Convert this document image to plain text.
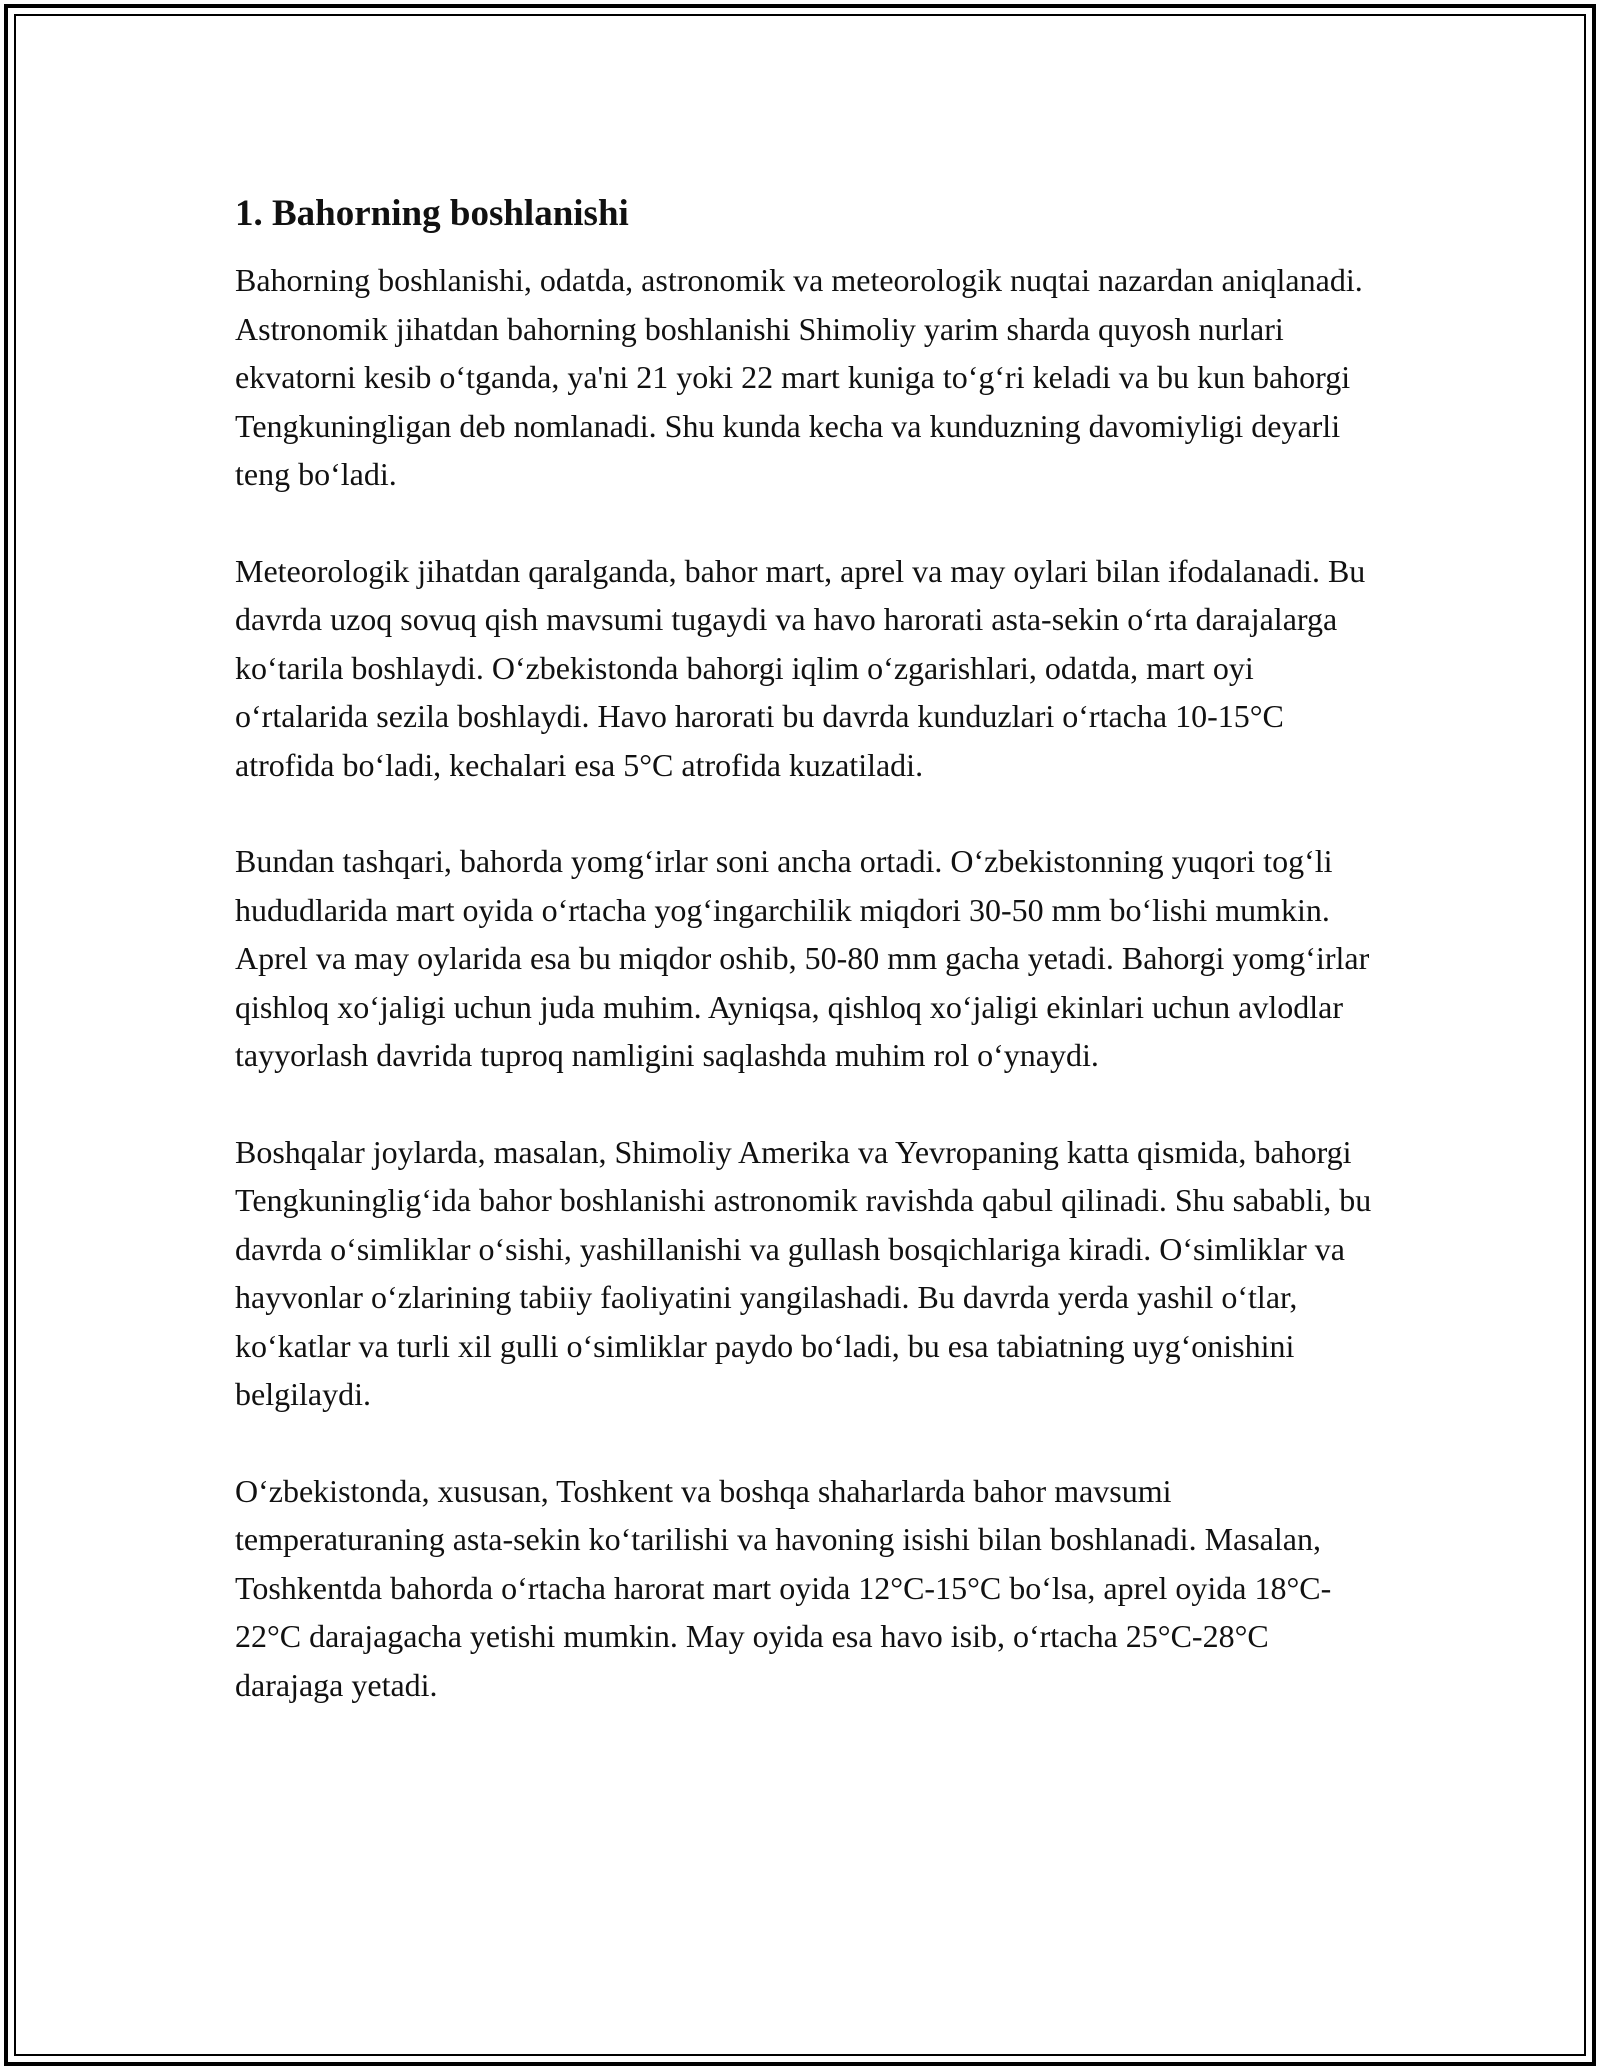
1. Bahorning boshlanishi

Bahorning boshlanishi, odatda, astronomik va meteorologik nuqtai nazardan aniqlanadi. Astronomik jihatdan bahorning boshlanishi Shimoliy yarim sharda quyosh nurlari ekvatorni kesib o‘tganda, ya'ni 21 yoki 22 mart kuniga to‘g‘ri keladi va bu kun bahorgi Tengkuningligan deb nomlanadi. Shu kunda kecha va kunduzning davomiyligi deyarli teng bo‘ladi.

Meteorologik jihatdan qaralganda, bahor mart, aprel va may oylari bilan ifodalanadi. Bu davrda uzoq sovuq qish mavsumi tugaydi va havo harorati asta-sekin o‘rta darajalarga ko‘tarila boshlaydi. O‘zbekistonda bahorgi iqlim o‘zgarishlari, odatda, mart oyi o‘rtalarida sezila boshlaydi. Havo harorati bu davrda kunduzlari o‘rtacha 10-15°C atrofida bo‘ladi, kechalari esa 5°C atrofida kuzatiladi.

Bundan tashqari, bahorda yomg‘irlar soni ancha ortadi. O‘zbekistonning yuqori tog‘li hududlarida mart oyida o‘rtacha yog‘ingarchilik miqdori 30-50 mm bo‘lishi mumkin. Aprel va may oylarida esa bu miqdor oshib, 50-80 mm gacha yetadi. Bahorgi yomg‘irlar qishloq xo‘jaligi uchun juda muhim. Ayniqsa, qishloq xo‘jaligi ekinlari uchun avlodlar tayyorlash davrida tuproq namligini saqlashda muhim rol o‘ynaydi.

Boshqalar joylarda, masalan, Shimoliy Amerika va Yevropaning katta qismida, bahorgi Tengkuninglig‘ida bahor boshlanishi astronomik ravishda qabul qilinadi. Shu sababli, bu davrda o‘simliklar o‘sishi, yashillanishi va gullash bosqichlariga kiradi. O‘simliklar va hayvonlar o‘zlarining tabiiy faoliyatini yangilashadi. Bu davrda yerda yashil o‘tlar, ko‘katlar va turli xil gulli o‘simliklar paydo bo‘ladi, bu esa tabiatning uyg‘onishini belgilaydi.

O‘zbekistonda, xususan, Toshkent va boshqa shaharlarda bahor mavsumi temperaturaning asta-sekin ko‘tarilishi va havoning isishi bilan boshlanadi. Masalan, Toshkentda bahorda o‘rtacha harorat mart oyida 12°C-15°C bo‘lsa, aprel oyida 18°C-22°C darajagacha yetishi mumkin. May oyida esa havo isib, o‘rtacha 25°C-28°C darajaga yetadi.
